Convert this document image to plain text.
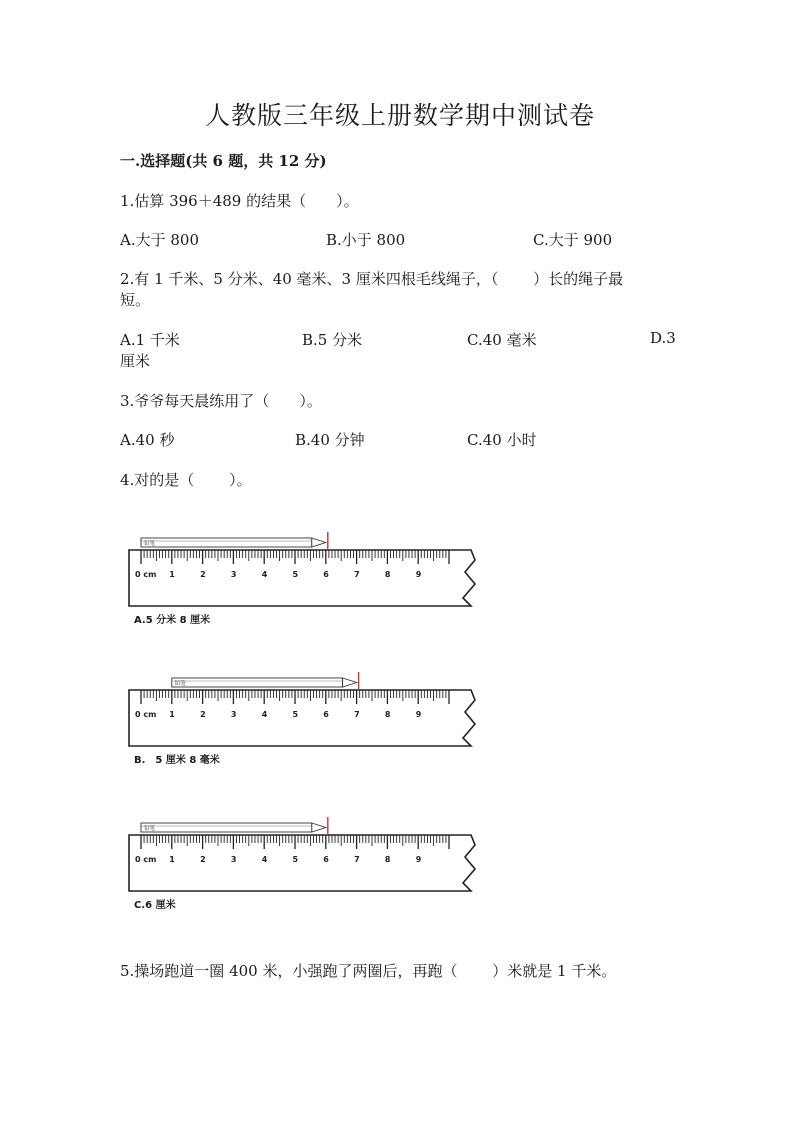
人教版三年级上册数学期中测试卷
一.选择题(共 6 题，共 12 分)
1.估算 396＋489 的结果（　　）。
A.大于 800	B.小于 800	C.大于 900
2.有 1 千米、5 分米、40 毫米、3 厘米四根毛线绳子，（　　 ）长的绳子最
短。
A.1 千米	B.5 分米	C.40 毫米	D.3
厘米
3.爷爷每天晨练用了（　　）。
A.40 秒	B.40 分钟	C.40 小时
4.对的是（　　 ）。
0 cm 1	2	3	4	5	6	7	8	9
铅笔
A.5 分米 8 厘米
0 cm 1	2	3	4	5	6	7	8	9
铅笔
B.　5 厘米 8 毫米
0 cm 1	2	3	4	5	6	7	8	9
铅笔
C.6 厘米
5.操场跑道一圈 400 米，小强跑了两圈后，再跑（　　 ）米就是 1 千米。
